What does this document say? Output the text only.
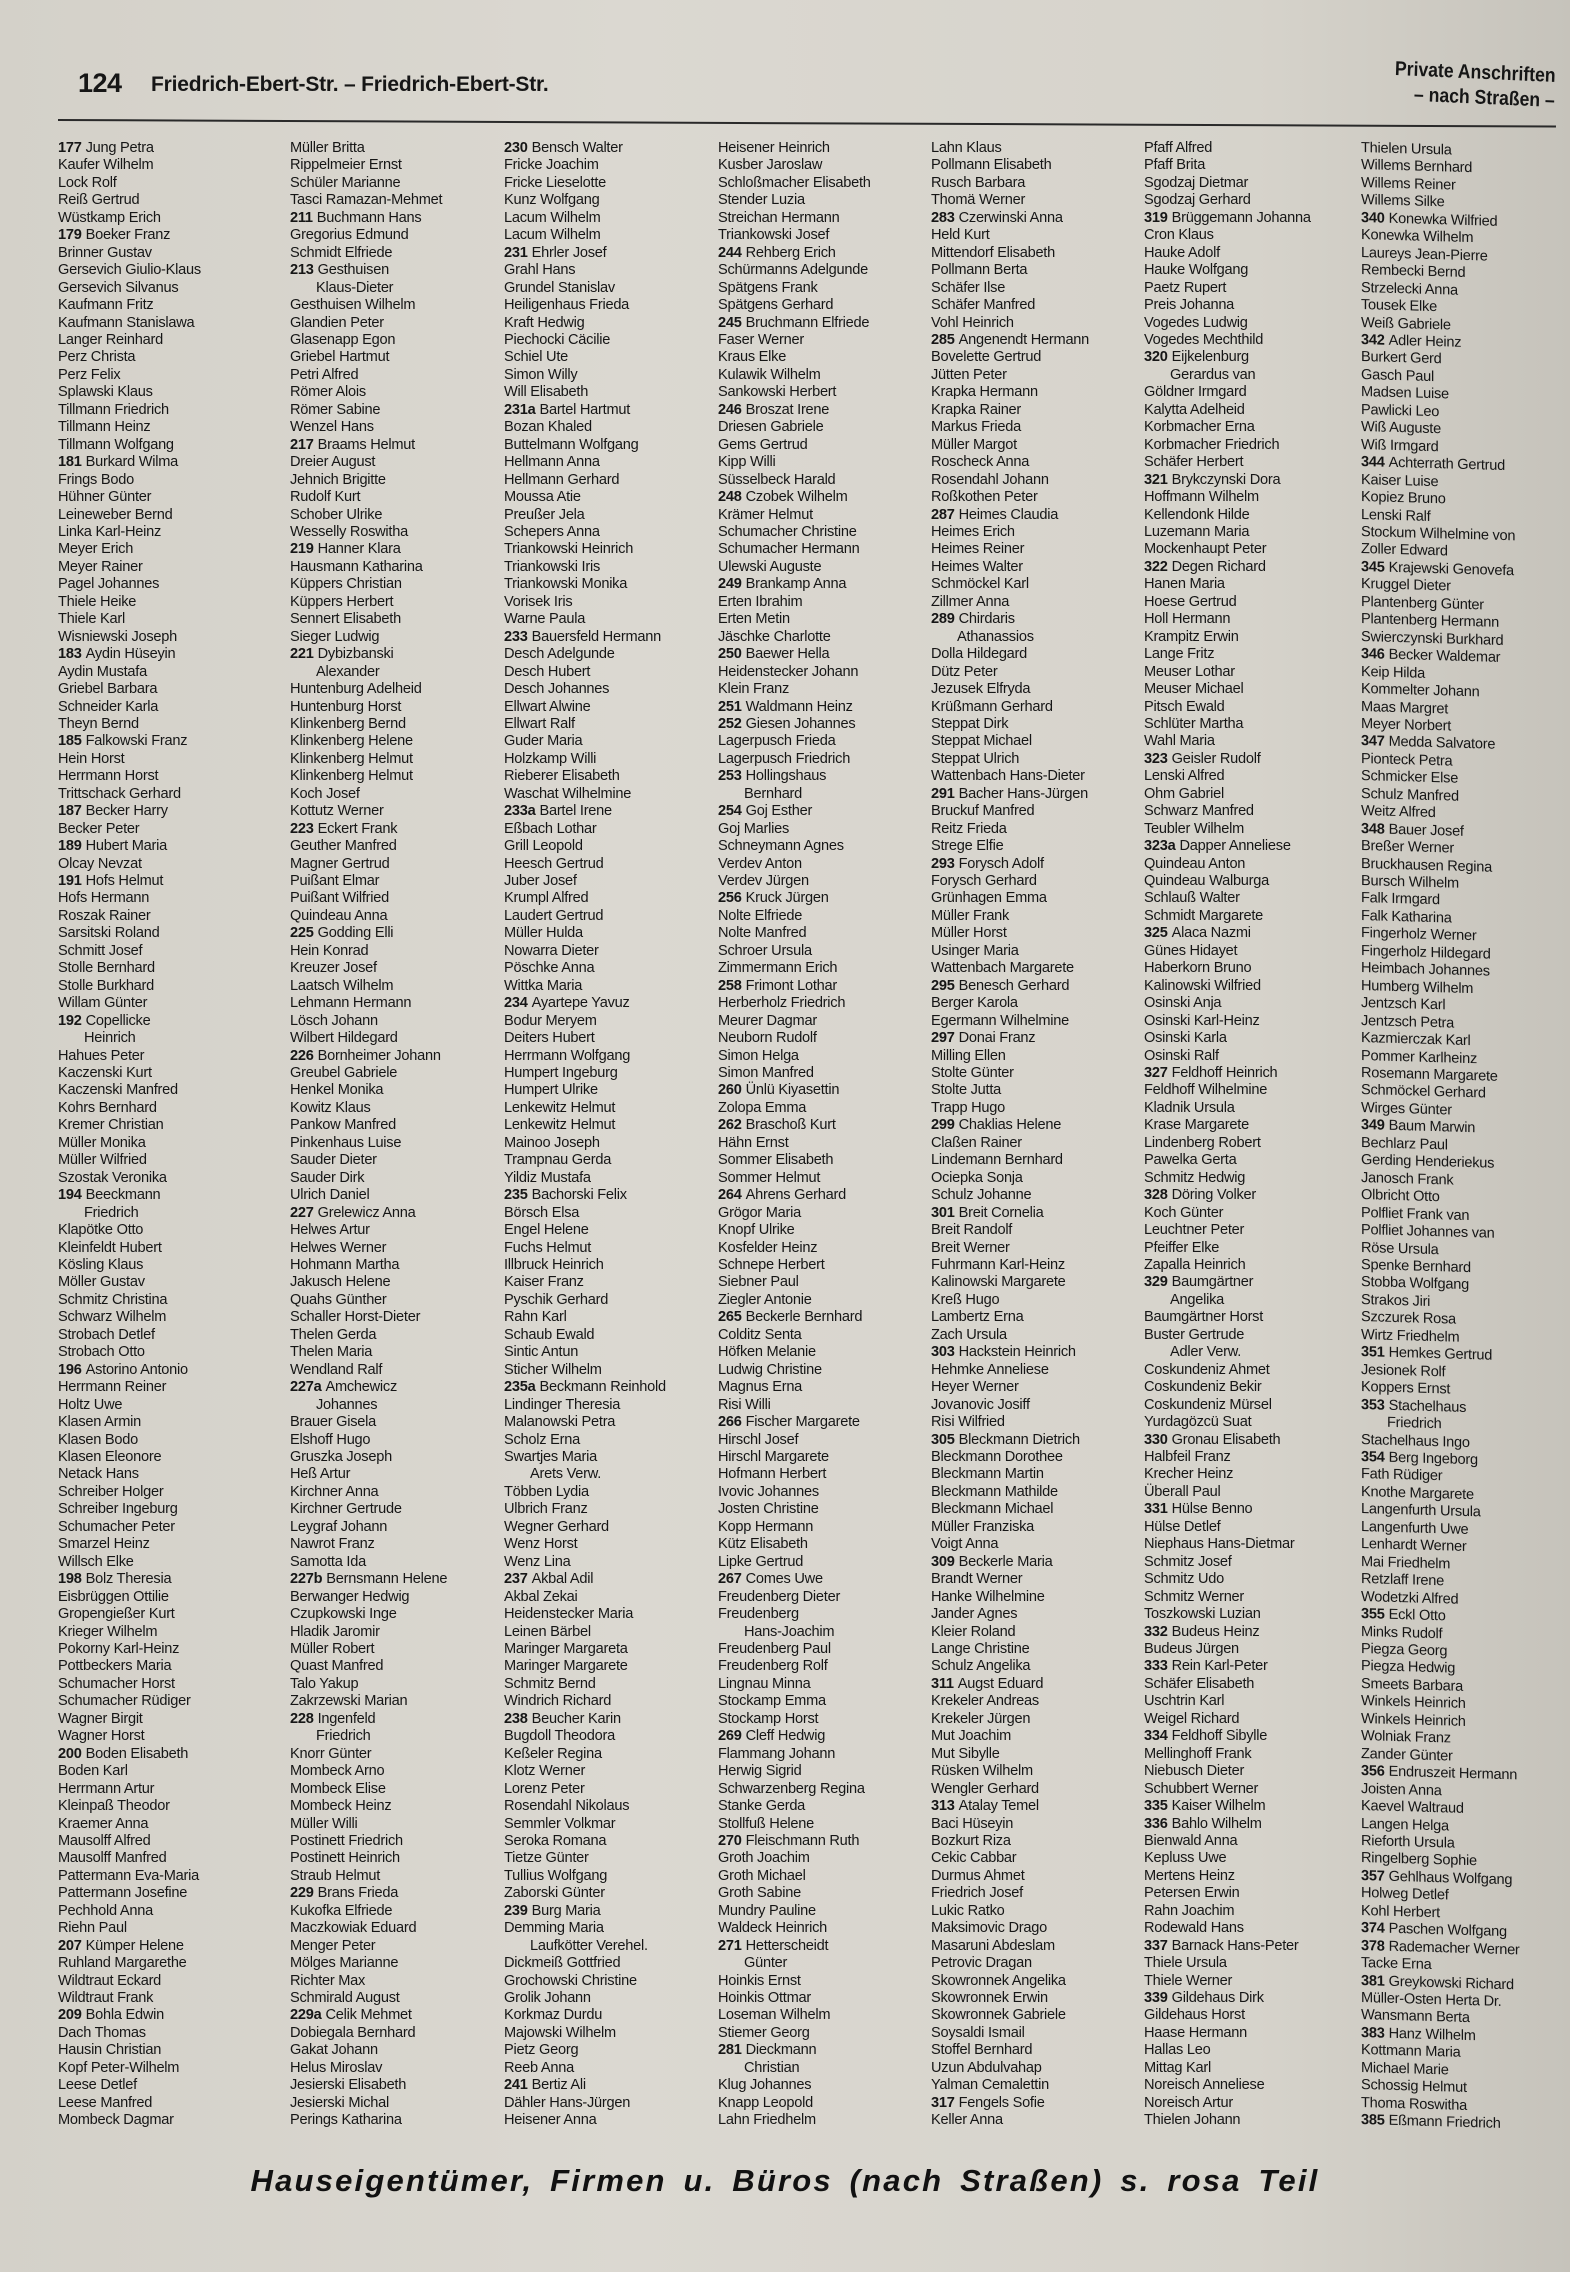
124 Friedrich-Ebert-Str. – Friedrich-Ebert-Str.	Private Anschriften
– nach Straßen –
177 Jung Petra
Kaufer Wilhelm
Lock Rolf
Reiß Gertrud
Wüstkamp Erich
179 Boeker Franz
Brinner Gustav
Gersevich Giulio-Klaus
Gersevich Silvanus
Kaufmann Fritz
Kaufmann Stanislawa
Langer Reinhard
Perz Christa
Perz Felix
Splawski Klaus
Tillmann Friedrich
Tillmann Heinz
Tillmann Wolfgang
181 Burkard Wilma
Frings Bodo
Hühner Günter
Leineweber Bernd
Linka Karl-Heinz
Meyer Erich
Meyer Rainer
Pagel Johannes
Thiele Heike
Thiele Karl
Wisniewski Joseph
183 Aydin Hüseyin
Aydin Mustafa
Griebel Barbara
Schneider Karla
Theyn Bernd
185 Falkowski Franz
Hein Horst
Herrmann Horst
Trittschack Gerhard
187 Becker Harry
Becker Peter
189 Hubert Maria
Olcay Nevzat
191 Hofs Helmut
Hofs Hermann
Roszak Rainer
Sarsitski Roland
Schmitt Josef
Stolle Bernhard
Stolle Burkhard
Willam Günter
192 Copellicke
Heinrich
Hahues Peter
Kaczenski Kurt
Kaczenski Manfred
Kohrs Bernhard
Kremer Christian
Müller Monika
Müller Wilfried
Szostak Veronika
194 Beeckmann
Friedrich
Klapötke Otto
Kleinfeldt Hubert
Kösling Klaus
Möller Gustav
Schmitz Christina
Schwarz Wilhelm
Strobach Detlef
Strobach Otto
196 Astorino Antonio
Herrmann Reiner
Holtz Uwe
Klasen Armin
Klasen Bodo
Klasen Eleonore
Netack Hans
Schreiber Holger
Schreiber Ingeburg
Schumacher Peter
Smarzel Heinz
Willsch Elke
198 Bolz Theresia
Eisbrüggen Ottilie
Gropengießer Kurt
Krieger Wilhelm
Pokorny Karl-Heinz
Pottbeckers Maria
Schumacher Horst
Schumacher Rüdiger
Wagner Birgit
Wagner Horst
200 Boden Elisabeth
Boden Karl
Herrmann Artur
Kleinpaß Theodor
Kraemer Anna
Mausolff Alfred
Mausolff Manfred
Pattermann Eva-Maria
Pattermann Josefine
Pechhold Anna
Riehn Paul
207 Kümper Helene
Ruhland Margarethe
Wildtraut Eckard
Wildtraut Frank
209 Bohla Edwin
Dach Thomas
Hausin Christian
Kopf Peter-Wilhelm
Leese Detlef
Leese Manfred
Mombeck Dagmar
Müller Britta
Rippelmeier Ernst
Schüler Marianne
Tasci Ramazan-Mehmet
211 Buchmann Hans
Gregorius Edmund
Schmidt Elfriede
213 Gesthuisen
Klaus-Dieter
Gesthuisen Wilhelm
Glandien Peter
Glasenapp Egon
Griebel Hartmut
Petri Alfred
Römer Alois
Römer Sabine
Wenzel Hans
217 Braams Helmut
Dreier August
Jehnich Brigitte
Rudolf Kurt
Schober Ulrike
Wesselly Roswitha
219 Hanner Klara
Hausmann Katharina
Küppers Christian
Küppers Herbert
Sennert Elisabeth
Sieger Ludwig
221 Dybizbanski
Alexander
Huntenburg Adelheid
Huntenburg Horst
Klinkenberg Bernd
Klinkenberg Helene
Klinkenberg Helmut
Klinkenberg Helmut
Koch Josef
Kottutz Werner
223 Eckert Frank
Geuther Manfred
Magner Gertrud
Puißant Elmar
Puißant Wilfried
Quindeau Anna
225 Godding Elli
Hein Konrad
Kreuzer Josef
Laatsch Wilhelm
Lehmann Hermann
Lösch Johann
Wilbert Hildegard
226 Bornheimer Johann
Greubel Gabriele
Henkel Monika
Kowitz Klaus
Pankow Manfred
Pinkenhaus Luise
Sauder Dieter
Sauder Dirk
Ulrich Daniel
227 Grelewicz Anna
Helwes Artur
Helwes Werner
Hohmann Martha
Jakusch Helene
Quahs Günther
Schaller Horst-Dieter
Thelen Gerda
Thelen Maria
Wendland Ralf
227a Amchewicz
Johannes
Brauer Gisela
Elshoff Hugo
Gruszka Joseph
Heß Artur
Kirchner Anna
Kirchner Gertrude
Leygraf Johann
Nawrot Franz
Samotta Ida
227b Bernsmann Helene
Berwanger Hedwig
Czupkowski Inge
Hladik Jaromir
Müller Robert
Quast Manfred
Talo Yakup
Zakrzewski Marian
228 Ingenfeld
Friedrich
Knorr Günter
Mombeck Arno
Mombeck Elise
Mombeck Heinz
Müller Willi
Postinett Friedrich
Postinett Heinrich
Straub Helmut
229 Brans Frieda
Kukofka Elfriede
Maczkowiak Eduard
Menger Peter
Mölges Marianne
Richter Max
Schmirald August
229a Celik Mehmet
Dobiegala Bernhard
Gakat Johann
Helus Miroslav
Jesierski Elisabeth
Jesierski Michal
Perings Katharina
230 Bensch Walter
Fricke Joachim
Fricke Lieselotte
Kunz Wolfgang
Lacum Wilhelm
Lacum Wilhelm
231 Ehrler Josef
Grahl Hans
Grundel Stanislav
Heiligenhaus Frieda
Kraft Hedwig
Piechocki Cäcilie
Schiel Ute
Simon Willy
Will Elisabeth
231a Bartel Hartmut
Bozan Khaled
Buttelmann Wolfgang
Hellmann Anna
Hellmann Gerhard
Moussa Atie
Preußer Jela
Schepers Anna
Triankowski Heinrich
Triankowski Iris
Triankowski Monika
Vorisek Iris
Warne Paula
233 Bauersfeld Hermann
Desch Adelgunde
Desch Hubert
Desch Johannes
Ellwart Alwine
Ellwart Ralf
Guder Maria
Holzkamp Willi
Rieberer Elisabeth
Waschat Wilhelmine
233a Bartel Irene
Eßbach Lothar
Grill Leopold
Heesch Gertrud
Juber Josef
Krumpl Alfred
Laudert Gertrud
Müller Hulda
Nowarra Dieter
Pöschke Anna
Wittka Maria
234 Ayartepe Yavuz
Bodur Meryem
Deiters Hubert
Herrmann Wolfgang
Humpert Ingeburg
Humpert Ulrike
Lenkewitz Helmut
Lenkewitz Helmut
Mainoo Joseph
Trampnau Gerda
Yildiz Mustafa
235 Bachorski Felix
Börsch Elsa
Engel Helene
Fuchs Helmut
Illbruck Heinrich
Kaiser Franz
Pyschik Gerhard
Rahn Karl
Schaub Ewald
Sintic Antun
Sticher Wilhelm
235a Beckmann Reinhold
Lindinger Theresia
Malanowski Petra
Scholz Erna
Swartjes Maria
Arets Verw.
Többen Lydia
Ulbrich Franz
Wegner Gerhard
Wenz Horst
Wenz Lina
237 Akbal Adil
Akbal Zekai
Heidenstecker Maria
Leinen Bärbel
Maringer Margareta
Maringer Margarete
Schmitz Bernd
Windrich Richard
238 Beucher Karin
Bugdoll Theodora
Keßeler Regina
Klotz Werner
Lorenz Peter
Rosendahl Nikolaus
Semmler Volkmar
Seroka Romana
Tietze Günter
Tullius Wolfgang
Zaborski Günter
239 Burg Maria
Demming Maria
Laufkötter Verehel.
Dickmeiß Gottfried
Grochowski Christine
Grolik Johann
Korkmaz Durdu
Majowski Wilhelm
Pietz Georg
Reeb Anna
241 Bertiz Ali
Dähler Hans-Jürgen
Heisener Anna
Heisener Heinrich
Kusber Jaroslaw
Schloßmacher Elisabeth
Stender Luzia
Streichan Hermann
Triankowski Josef
244 Rehberg Erich
Schürmanns Adelgunde
Spätgens Frank
Spätgens Gerhard
245 Bruchmann Elfriede
Faser Werner
Kraus Elke
Kulawik Wilhelm
Sankowski Herbert
246 Broszat Irene
Driesen Gabriele
Gems Gertrud
Kipp Willi
Süsselbeck Harald
248 Czobek Wilhelm
Krämer Helmut
Schumacher Christine
Schumacher Hermann
Ulewski Auguste
249 Brankamp Anna
Erten Ibrahim
Erten Metin
Jäschke Charlotte
250 Baewer Hella
Heidenstecker Johann
Klein Franz
251 Waldmann Heinz
252 Giesen Johannes
Lagerpusch Frieda
Lagerpusch Friedrich
253 Hollingshaus
Bernhard
254 Goj Esther
Goj Marlies
Schneymann Agnes
Verdev Anton
Verdev Jürgen
256 Kruck Jürgen
Nolte Elfriede
Nolte Manfred
Schroer Ursula
Zimmermann Erich
258 Frimont Lothar
Herberholz Friedrich
Meurer Dagmar
Neuborn Rudolf
Simon Helga
Simon Manfred
260 Ünlü Kiyasettin
Zolopa Emma
262 Braschoß Kurt
Hähn Ernst
Sommer Elisabeth
Sommer Helmut
264 Ahrens Gerhard
Grögor Maria
Knopf Ulrike
Kosfelder Heinz
Schnepe Herbert
Siebner Paul
Ziegler Antonie
265 Beckerle Bernhard
Colditz Senta
Höfken Melanie
Ludwig Christine
Magnus Erna
Risi Willi
266 Fischer Margarete
Hirschl Josef
Hirschl Margarete
Hofmann Herbert
Ivovic Johannes
Josten Christine
Kopp Hermann
Kütz Elisabeth
Lipke Gertrud
267 Comes Uwe
Freudenberg Dieter
Freudenberg
Hans-Joachim
Freudenberg Paul
Freudenberg Rolf
Lingnau Minna
Stockamp Emma
Stockamp Horst
269 Cleff Hedwig
Flammang Johann
Herwig Sigrid
Schwarzenberg Regina
Stanke Gerda
Stollfuß Helene
270 Fleischmann Ruth
Groth Joachim
Groth Michael
Groth Sabine
Mundry Pauline
Waldeck Heinrich
271 Hetterscheidt
Günter
Hoinkis Ernst
Hoinkis Ottmar
Loseman Wilhelm
Stiemer Georg
281 Dieckmann
Christian
Klug Johannes
Knapp Leopold
Lahn Friedhelm
Lahn Klaus
Pollmann Elisabeth
Rusch Barbara
Thomä Werner
283 Czerwinski Anna
Held Kurt
Mittendorf Elisabeth
Pollmann Berta
Schäfer Ilse
Schäfer Manfred
Vohl Heinrich
285 Angenendt Hermann
Bovelette Gertrud
Jütten Peter
Krapka Hermann
Krapka Rainer
Markus Frieda
Müller Margot
Roscheck Anna
Rosendahl Johann
Roßkothen Peter
287 Heimes Claudia
Heimes Erich
Heimes Reiner
Heimes Walter
Schmöckel Karl
Zillmer Anna
289 Chirdaris
Athanassios
Dolla Hildegard
Dütz Peter
Jezusek Elfryda
Krüßmann Gerhard
Steppat Dirk
Steppat Michael
Steppat Ulrich
Wattenbach Hans-Dieter
291 Bacher Hans-Jürgen
Bruckuf Manfred
Reitz Frieda
Strege Elfie
293 Forysch Adolf
Forysch Gerhard
Grünhagen Emma
Müller Frank
Müller Horst
Usinger Maria
Wattenbach Margarete
295 Benesch Gerhard
Berger Karola
Egermann Wilhelmine
297 Donai Franz
Milling Ellen
Stolte Günter
Stolte Jutta
Trapp Hugo
299 Chaklias Helene
Claßen Rainer
Lindemann Bernhard
Ociepka Sonja
Schulz Johanne
301 Breit Cornelia
Breit Randolf
Breit Werner
Fuhrmann Karl-Heinz
Kalinowski Margarete
Kreß Hugo
Lambertz Erna
Zach Ursula
303 Hackstein Heinrich
Hehmke Anneliese
Heyer Werner
Jovanovic Josiff
Risi Wilfried
305 Bleckmann Dietrich
Bleckmann Dorothee
Bleckmann Martin
Bleckmann Mathilde
Bleckmann Michael
Müller Franziska
Voigt Anna
309 Beckerle Maria
Brandt Werner
Hanke Wilhelmine
Jander Agnes
Kleier Roland
Lange Christine
Schulz Angelika
311 Augst Eduard
Krekeler Andreas
Krekeler Jürgen
Mut Joachim
Mut Sibylle
Rüsken Wilhelm
Wengler Gerhard
313 Atalay Temel
Baci Hüseyin
Bozkurt Riza
Cekic Cabbar
Durmus Ahmet
Friedrich Josef
Lukic Ratko
Maksimovic Drago
Masaruni Abdeslam
Petrovic Dragan
Skowronnek Angelika
Skowronnek Erwin
Skowronnek Gabriele
Soysaldi Ismail
Stoffel Bernhard
Uzun Abdulvahap
Yalman Cemalettin
317 Fengels Sofie
Keller Anna
Pfaff Alfred
Pfaff Brita
Sgodzaj Dietmar
Sgodzaj Gerhard
319 Brüggemann Johanna
Cron Klaus
Hauke Adolf
Hauke Wolfgang
Paetz Rupert
Preis Johanna
Vogedes Ludwig
Vogedes Mechthild
320 Eijkelenburg
Gerardus van
Göldner Irmgard
Kalytta Adelheid
Korbmacher Erna
Korbmacher Friedrich
Schäfer Herbert
321 Brykczynski Dora
Hoffmann Wilhelm
Kellendonk Hilde
Luzemann Maria
Mockenhaupt Peter
322 Degen Richard
Hanen Maria
Hoese Gertrud
Holl Hermann
Krampitz Erwin
Lange Fritz
Meuser Lothar
Meuser Michael
Pitsch Ewald
Schlüter Martha
Wahl Maria
323 Geisler Rudolf
Lenski Alfred
Ohm Gabriel
Schwarz Manfred
Teubler Wilhelm
323a Dapper Anneliese
Quindeau Anton
Quindeau Walburga
Schlauß Walter
Schmidt Margarete
325 Alaca Nazmi
Günes Hidayet
Haberkorn Bruno
Kalinowski Wilfried
Osinski Anja
Osinski Karl-Heinz
Osinski Karla
Osinski Ralf
327 Feldhoff Heinrich
Feldhoff Wilhelmine
Kladnik Ursula
Krase Margarete
Lindenberg Robert
Pawelka Gerta
Schmitz Hedwig
328 Döring Volker
Koch Günter
Leuchtner Peter
Pfeiffer Elke
Zapalla Heinrich
329 Baumgärtner
Angelika
Baumgärtner Horst
Buster Gertrude
Adler Verw.
Coskundeniz Ahmet
Coskundeniz Bekir
Coskundeniz Mürsel
Yurdagözcü Suat
330 Gronau Elisabeth
Halbfeil Franz
Krecher Heinz
Überall Paul
331 Hülse Benno
Hülse Detlef
Niephaus Hans-Dietmar
Schmitz Josef
Schmitz Udo
Schmitz Werner
Toszkowski Luzian
332 Budeus Heinz
Budeus Jürgen
333 Rein Karl-Peter
Schäfer Elisabeth
Uschtrin Karl
Weigel Richard
334 Feldhoff Sibylle
Mellinghoff Frank
Niebusch Dieter
Schubbert Werner
335 Kaiser Wilhelm
336 Bahlo Wilhelm
Bienwald Anna
Kepluss Uwe
Mertens Heinz
Petersen Erwin
Rahn Joachim
Rodewald Hans
337 Barnack Hans-Peter
Thiele Ursula
Thiele Werner
339 Gildehaus Dirk
Gildehaus Horst
Haase Hermann
Hallas Leo
Mittag Karl
Noreisch Anneliese
Noreisch Artur
Thielen Johann
Thielen Ursula
Willems Bernhard
Willems Reiner
Willems Silke
340 Konewka Wilfried
Konewka Wilhelm
Laureys Jean-Pierre
Rembecki Bernd
Strzelecki Anna
Tousek Elke
Weiß Gabriele
342 Adler Heinz
Burkert Gerd
Gasch Paul
Madsen Luise
Pawlicki Leo
Wiß Auguste
Wiß Irmgard
344 Achterrath Gertrud
Kaiser Luise
Kopiez Bruno
Lenski Ralf
Stockum Wilhelmine von
Zoller Edward
345 Krajewski Genovefa
Kruggel Dieter
Plantenberg Günter
Plantenberg Hermann
Swierczynski Burkhard
346 Becker Waldemar
Keip Hilda
Kommelter Johann
Maas Margret
Meyer Norbert
347 Medda Salvatore
Pionteck Petra
Schmicker Else
Schulz Manfred
Weitz Alfred
348 Bauer Josef
Breßer Werner
Bruckhausen Regina
Bursch Wilhelm
Falk Irmgard
Falk Katharina
Fingerholz Werner
Fingerholz Hildegard
Heimbach Johannes
Humberg Wilhelm
Jentzsch Karl
Jentzsch Petra
Kazmierczak Karl
Pommer Karlheinz
Rosemann Margarete
Schmöckel Gerhard
Wirges Günter
349 Baum Marwin
Bechlarz Paul
Gerding Henderiekus
Janosch Frank
Olbricht Otto
Polfliet Frank van
Polfliet Johannes van
Röse Ursula
Spenke Bernhard
Stobba Wolfgang
Strakos Jiri
Szczurek Rosa
Wirtz Friedhelm
351 Hemkes Gertrud
Jesionek Rolf
Koppers Ernst
353 Stachelhaus
Friedrich
Stachelhaus Ingo
354 Berg Ingeborg
Fath Rüdiger
Knothe Margarete
Langenfurth Ursula
Langenfurth Uwe
Lenhardt Werner
Mai Friedhelm
Retzlaff Irene
Wodetzki Alfred
355 Eckl Otto
Minks Rudolf
Piegza Georg
Piegza Hedwig
Smeets Barbara
Winkels Heinrich
Winkels Heinrich
Wolniak Franz
Zander Günter
356 Endruszeit Hermann
Joisten Anna
Kaevel Waltraud
Langen Helga
Rieforth Ursula
Ringelberg Sophie
357 Gehlhaus Wolfgang
Holweg Detlef
Kohl Herbert
374 Paschen Wolfgang
378 Rademacher Werner
Tacke Erna
381 Greykowski Richard
Müller-Osten Herta Dr.
Wansmann Berta
383 Hanz Wilhelm
Kottmann Maria
Michael Marie
Schossig Helmut
Thoma Roswitha
385 Eßmann Friedrich
Hauseigentümer, Firmen u. Büros (nach Straßen) s. rosa Teil
